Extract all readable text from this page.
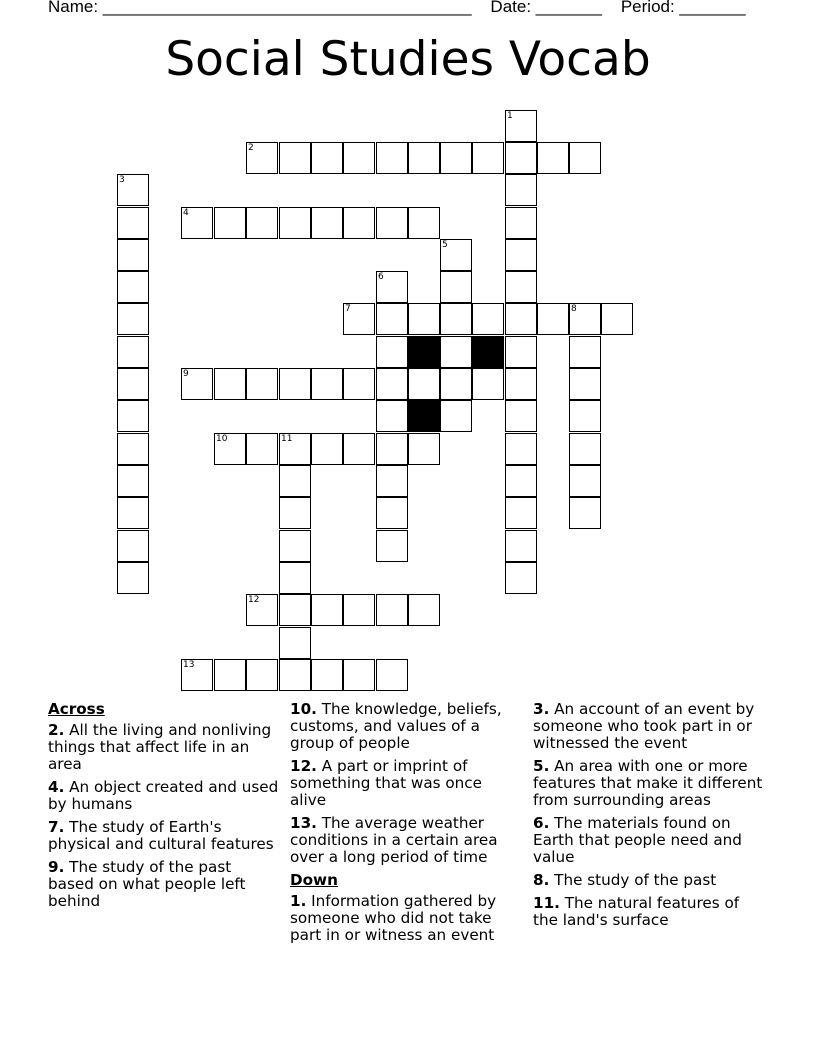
Name: _______________________________________    Date: _______    Period: _______
Social Studies Vocab
1
2
3
4
5
6
7	8
9
10	11
12
13
Across
2. All the living and nonliving things that affect life in an area
4. An object created and used by humans
7. The study of Earth's physical and cultural features
9. The study of the past based on what people left behind
10. The knowledge, beliefs, customs, and values of a group of people
12. A part or imprint of something that was once alive
13. The average weather conditions in a certain area over a long period of time
Down
1. Information gathered by someone who did not take part in or witness an event
3. An account of an event by someone who took part in or witnessed the event
5. An area with one or more features that make it different from surrounding areas
6. The materials found on Earth that people need and value
8. The study of the past
11. The natural features of the land's surface
